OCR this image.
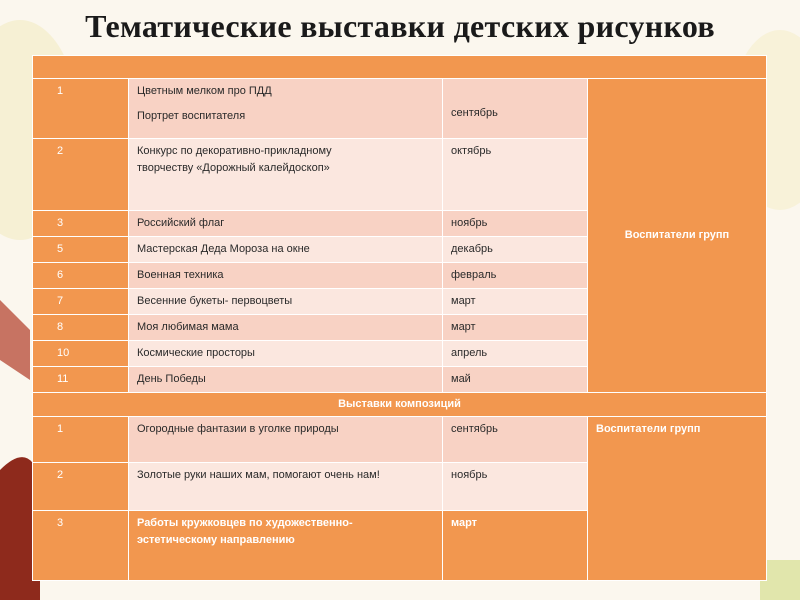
Тематические выставки детских рисунков

1	Цветным мелком про ПДД
Портрет воспитателя	сентябрь	Воспитатели групп
2	Конкурс по декоративно-прикладному
творчеству «Дорожный калейдоскоп»	октябрь	
3	Российский флаг	ноябрь	
5	Мастерская Деда Мороза на окне	декабрь	
6	Военная техника	февраль	
7	Весенние букеты- первоцветы	март	
8	Моя любимая мама	март	
10	Космические просторы	апрель	
11	День Победы	май	
Выставки композиций			
1	Огородные фантазии в уголке природы	сентябрь	Воспитатели групп
2	Золотые руки наших мам, помогают очень нам!	ноябрь	
3	Работы кружковцев по художественно-
эстетическому направлению	март	
